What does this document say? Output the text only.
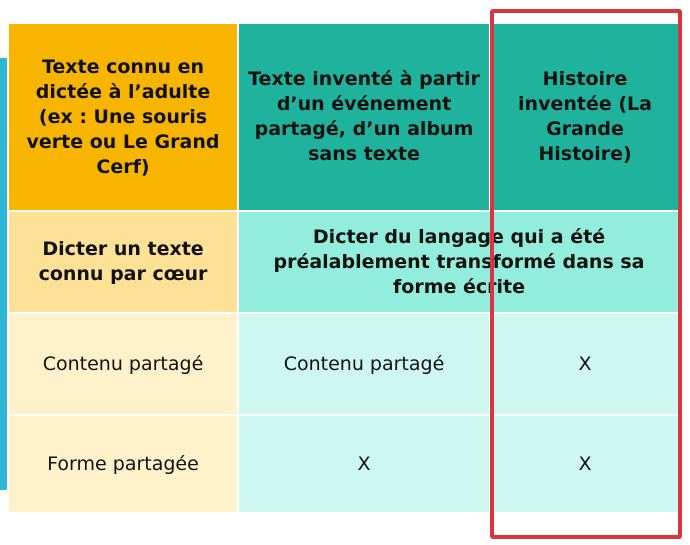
Texte connu en dictée à l’adulte (ex : Une souris verte ou Le Grand Cerf)	Texte inventé à partir d’un événement partagé, d’un album sans texte	Histoire inventée (La Grande Histoire)
Dicter un texte connu par cœur	Dicter du langage qui a été préalablement transformé dans sa forme écrite	
Contenu partagé	Contenu partagé	X
Forme partagée	X	X
